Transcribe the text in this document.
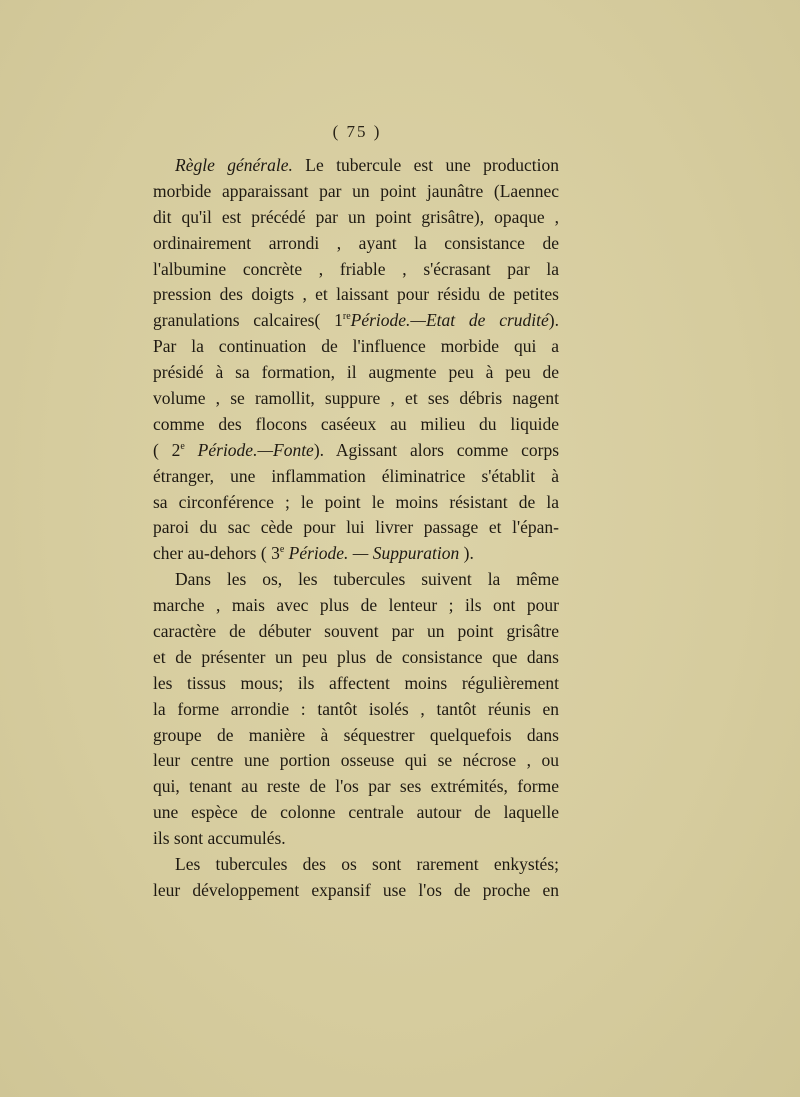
( 75 )
Règle générale. Le tubercule est une production
morbide apparaissant par un point jaunâtre (Laennec
dit qu'il est précédé par un point grisâtre), opaque ,
ordinairement arrondi , ayant la consistance de
l'albumine concrète , friable , s'écrasant par la
pression des doigts , et laissant pour résidu de petites
granulations calcaires( 1rePériode.—Etat de crudité).
Par la continuation de l'influence morbide qui a
présidé à sa formation, il augmente peu à peu de
volume , se ramollit, suppure , et ses débris nagent
comme des flocons caséeux au milieu du liquide
( 2e Période.—Fonte). Agissant alors comme corps
étranger, une inflammation éliminatrice s'établit à
sa circonférence ; le point le moins résistant de la
paroi du sac cède pour lui livrer passage et l'épan-
cher au-dehors ( 3e Période. — Suppuration ).
Dans les os, les tubercules suivent la même
marche , mais avec plus de lenteur ; ils ont pour
caractère de débuter souvent par un point grisâtre
et de présenter un peu plus de consistance que dans
les tissus mous; ils affectent moins régulièrement
la forme arrondie : tantôt isolés , tantôt réunis en
groupe de manière à séquestrer quelquefois dans
leur centre une portion osseuse qui se nécrose , ou
qui, tenant au reste de l'os par ses extrémités, forme
une espèce de colonne centrale autour de laquelle
ils sont accumulés.
Les tubercules des os sont rarement enkystés;
leur développement expansif use l'os de proche en
